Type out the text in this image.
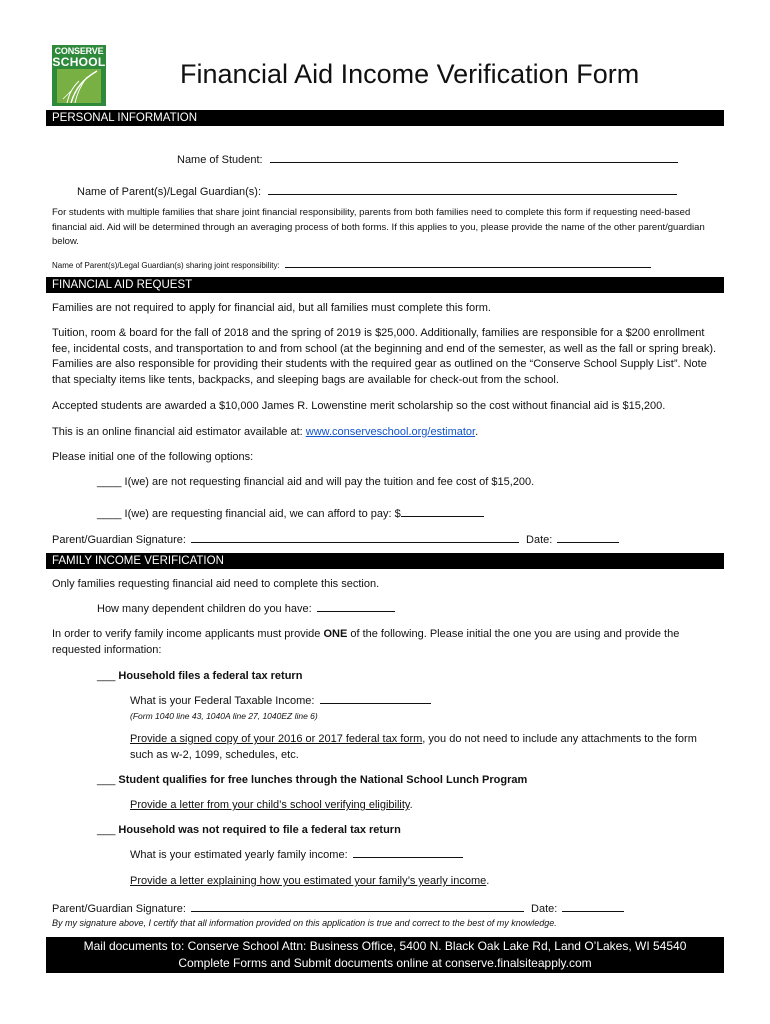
CONSERVE
SCHOOL	Financial Aid Income Verification Form
PERSONAL INFORMATION
Name of Student:
Name of Parent(s)/Legal Guardian(s):
For students with multiple families that share joint financial responsibility, parents from both families need to complete this form if requesting need-based financial aid. Aid will be determined through an averaging process of both forms. If this applies to you, please provide the name of the other parent/guardian below.
Name of Parent(s)/Legal Guardian(s) sharing joint responsibility:
FINANCIAL AID REQUEST
Families are not required to apply for financial aid, but all families must complete this form.
Tuition, room & board for the fall of 2018 and the spring of 2019 is $25,000. Additionally, families are responsible for a $200 enrollment fee, incidental costs, and transportation to and from school (at the beginning and end of the semester, as well as the fall or spring break). Families are also responsible for providing their students with the required gear as outlined on the “Conserve School Supply List”. Note that specialty items like tents, backpacks, and sleeping bags are available for check-out from the school.
Accepted students are awarded a $10,000 James R. Lowenstine merit scholarship so the cost without financial aid is $15,200.
This is an online financial aid estimator available at: www.conserveschool.org/estimator.
Please initial one of the following options:
____ I(we) are not requesting financial aid and will pay the tuition and fee cost of $15,200.
____ I(we) are requesting financial aid, we can afford to pay: $
Parent/Guardian Signature:	Date:
FAMILY INCOME VERIFICATION
Only families requesting financial aid need to complete this section.
How many dependent children do you have:
In order to verify family income applicants must provide ONE of the following. Please initial the one you are using and provide the requested information:
___ Household files a federal tax return
What is your Federal Taxable Income:
(Form 1040 line 43, 1040A line 27, 1040EZ line 6)
Provide a signed copy of your 2016 or 2017 federal tax form, you do not need to include any attachments to the form such as w-2, 1099, schedules, etc.
___ Student qualifies for free lunches through the National School Lunch Program
Provide a letter from your child’s school verifying eligibility.
___ Household was not required to file a federal tax return
What is your estimated yearly family income:
Provide a letter explaining how you estimated your family’s yearly income.
Parent/Guardian Signature:	Date:
By my signature above, I certify that all information provided on this application is true and correct to the best of my knowledge.
Mail documents to: Conserve School Attn: Business Office, 5400 N. Black Oak Lake Rd, Land O’Lakes, WI 54540
Complete Forms and Submit documents online at conserve.finalsiteapply.com
